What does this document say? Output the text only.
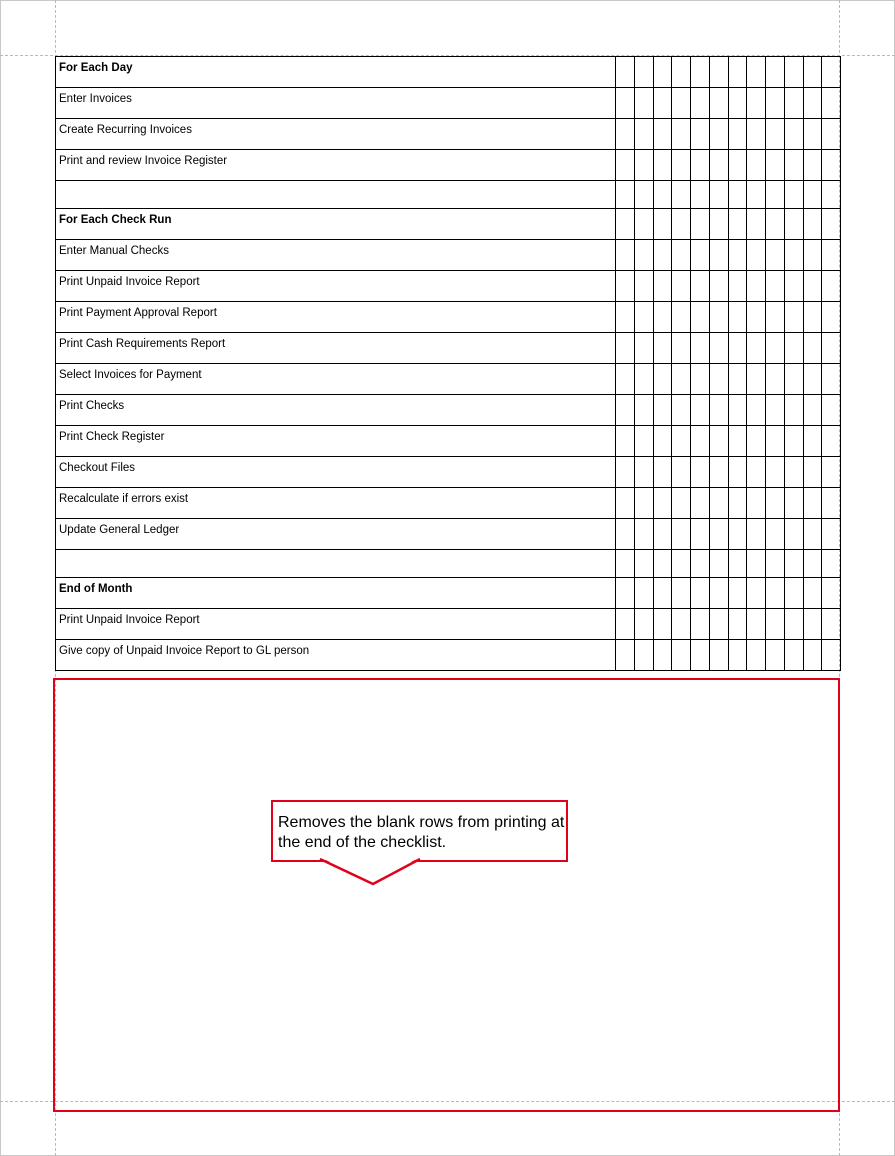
For Each Day												
Enter Invoices												
Create Recurring Invoices												
Print and review Invoice Register												

For Each Check Run												
Enter Manual Checks												
Print Unpaid Invoice Report												
Print Payment Approval Report												
Print Cash Requirements Report												
Select Invoices for Payment												
Print Checks												
Print Check Register												
Checkout Files												
Recalculate if errors exist												
Update General Ledger												

End of Month												
Print Unpaid Invoice Report												
Give copy of Unpaid Invoice Report to GL person												
Removes the blank rows from printing at the end of the checklist.
